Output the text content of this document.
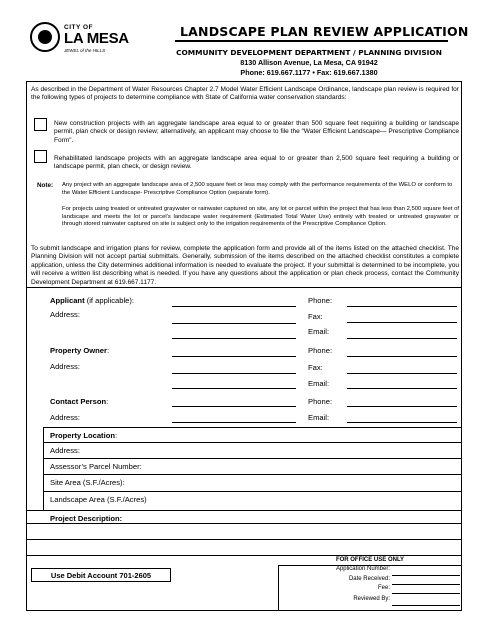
CITY OF
LA MESA
JEWEL of the HILLS
LANDSCAPE PLAN REVIEW APPLICATION
COMMUNITY DEVELOPMENT DEPARTMENT / PLANNING DIVISION
8130 Allison Avenue, La Mesa, CA 91942
Phone: 619.667.1177 • Fax: 619.667.1380
As described in the Department of Water Resources Chapter 2.7 Model Water Efficient Landscape Ordinance, landscape plan review is required for the following types of projects to determine compliance with State of California water conservation standards:
New construction projects with an aggregate landscape area equal to or greater than 500 square feet requiring a building or landscape permit, plan check or design review; alternatively, an applicant may choose to file the “Water Efficient Landscape— Prescriptive Compliance Form”.
Rehabilitated landscape projects with an aggregate landscape area equal to or greater than 2,500 square feet requiring a building or landscape permit, plan check, or design review.
Note: Any project with an aggregate landscape area of 2,500 square feet or less may comply with the performance requirements of the WELO or conform to the Water Efficient Landscape- Prescriptive Compliance Option (separate form).
For projects using treated or untreated graywater or rainwater captured on site, any lot or parcel within the project that has less than 2,500 square feet of landscape and meets the lot or parcel’s landscape water requirement (Estimated Total Water Use) entirely with treated or untreated graywater or through stored rainwater captured on site is subject only to the irrigation requirements of the Prescriptive Compliance Option.
To submit landscape and irrigation plans for review, complete the application form and provide all of the items listed on the attached checklist. The Planning Division will not accept partial submittals. Generally, submission of the items described on the attached checklist constitutes a complete application, unless the City determines additional information is needed to evaluate the project. If your submittal is determined to be incomplete, you will receive a written list describing what is needed. If you have any questions about the application or plan check process, contact the Community Development Department at 619.667.1177.
Applicant (if applicable):	Phone:
Address:	Fax:
Email:
Property Owner:	Phone:
Address:	Fax:
Email:
Contact Person:	Phone:
Address:	Email:
Property Location:
Address:
Assessor’s Parcel Number:
Site Area (S.F./Acres):
Landscape Area (S.F./Acres)
Project Description:
Use Debit Account 701-2605
FOR OFFICE USE ONLY
Application Number:
Date Received:
Fee:
Reviewed By:
